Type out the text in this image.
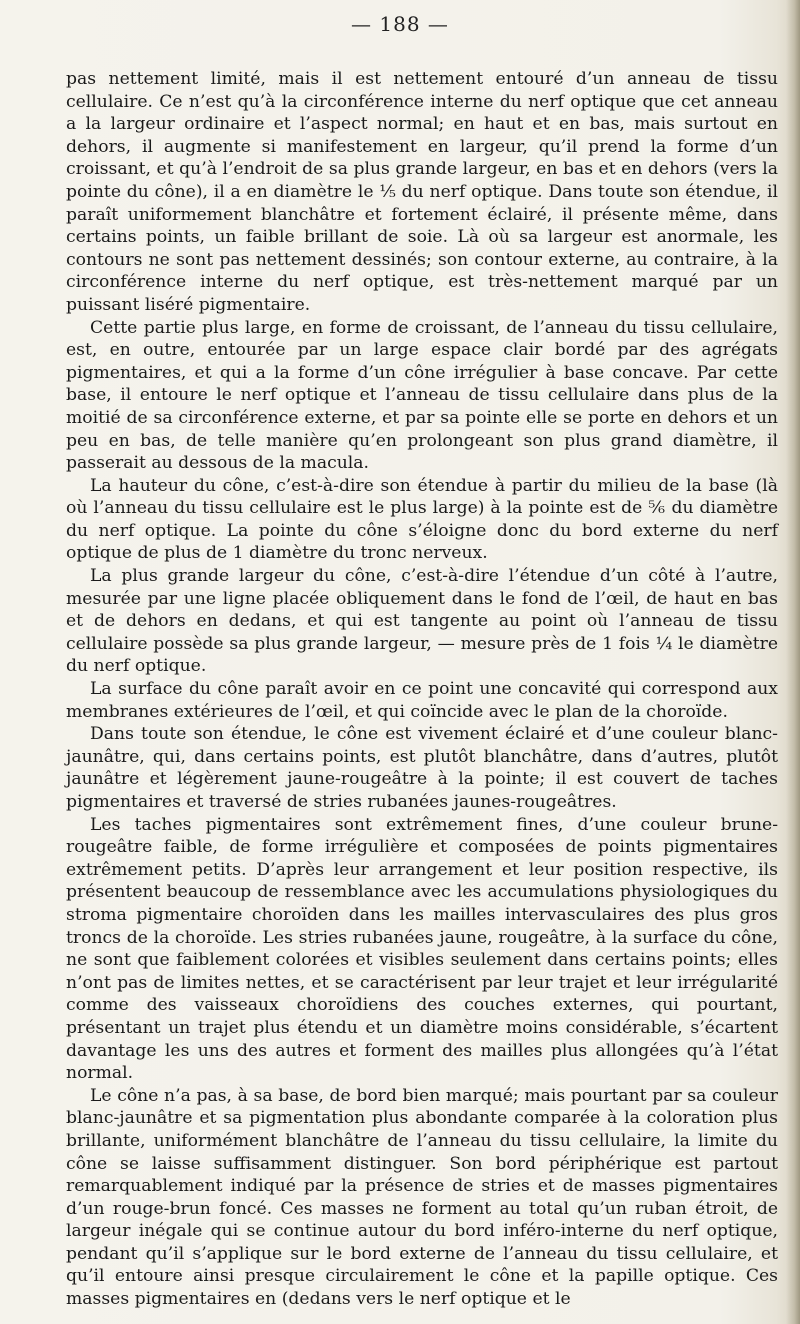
— 188 —

pas nettement limité, mais il est nettement entouré d’un anneau de tissu cellulaire. Ce n’est qu’à la circonférence interne du nerf optique que cet anneau a la largeur ordinaire et l’aspect normal; en haut et en bas, mais surtout en dehors, il augmente si manifestement en largeur, qu’il prend la forme d’un croissant, et qu’à l’endroit de sa plus grande largeur, en bas et en dehors (vers la pointe du cône), il a en diamètre le ⅕ du nerf optique. Dans toute son étendue, il paraît uniformement blanchâtre et fortement éclairé, il présente même, dans certains points, un faible brillant de soie. Là où sa largeur est anormale, les contours ne sont pas nettement dessinés; son contour externe, au contraire, à la circonférence interne du nerf optique, est très-nettement marqué par un puissant liséré pigmentaire.

Cette partie plus large, en forme de croissant, de l’anneau du tissu cellulaire, est, en outre, entourée par un large espace clair bordé par des agrégats pigmentaires, et qui a la forme d’un cône irrégulier à base concave. Par cette base, il entoure le nerf optique et l’anneau de tissu cellulaire dans plus de la moitié de sa circonférence externe, et par sa pointe elle se porte en dehors et un peu en bas, de telle manière qu’en prolongeant son plus grand diamètre, il passerait au dessous de la macula.

La hauteur du cône, c’est-à-dire son étendue à partir du milieu de la base (là où l’anneau du tissu cellulaire est le plus large) à la pointe est de ⅚ du diamètre du nerf optique. La pointe du cône s’éloigne donc du bord externe du nerf optique de plus de 1 diamètre du tronc nerveux.

La plus grande largeur du cône, c’est-à-dire l’étendue d’un côté à l’autre, mesurée par une ligne placée obliquement dans le fond de l’œil, de haut en bas et de dehors en dedans, et qui est tangente au point où l’anneau de tissu cellulaire possède sa plus grande largeur, — mesure près de 1 fois ¼ le diamètre du nerf optique.

La surface du cône paraît avoir en ce point une concavité qui correspond aux membranes extérieures de l’œil, et qui coïncide avec le plan de la choroïde.

Dans toute son étendue, le cône est vivement éclairé et d’une couleur blanc-jaunâtre, qui, dans certains points, est plutôt blanchâtre, dans d’autres, plutôt jaunâtre et légèrement jaune-rougeâtre à la pointe; il est couvert de taches pigmentaires et traversé de stries rubanées jaunes-rougeâtres.

Les taches pigmentaires sont extrêmement fines, d’une couleur brune-rougeâtre faible, de forme irrégulière et composées de points pigmentaires extrêmement petits. D’après leur arrangement et leur position respective, ils présentent beaucoup de ressemblance avec les accumulations physiologiques du stroma pigmentaire choroïden dans les mailles intervasculaires des plus gros troncs de la choroïde. Les stries rubanées jaune, rougeâtre, à la surface du cône, ne sont que faiblement colorées et visibles seulement dans certains points; elles n’ont pas de limites nettes, et se caractérisent par leur trajet et leur irrégularité comme des vaisseaux choroïdiens des couches externes, qui pourtant, présentant un trajet plus étendu et un diamètre moins considérable, s’écartent davantage les uns des autres et forment des mailles plus allongées qu’à l’état normal.

Le cône n’a pas, à sa base, de bord bien marqué; mais pourtant par sa couleur blanc-jaunâtre et sa pigmentation plus abondante comparée à la coloration plus brillante, uniformément blanchâtre de l’anneau du tissu cellulaire, la limite du cône se laisse suffisamment distinguer. Son bord périphérique est partout remarquablement indiqué par la présence de stries et de masses pigmentaires d’un rouge-brun foncé. Ces masses ne forment au total qu’un ruban étroit, de largeur inégale qui se continue autour du bord inféro-interne du nerf optique, pendant qu’il s’applique sur le bord externe de l’anneau du tissu cellulaire, et qu’il entoure ainsi presque circulairement le cône et la papille optique. Ces masses pigmentaires en (dedans vers le nerf optique et le
